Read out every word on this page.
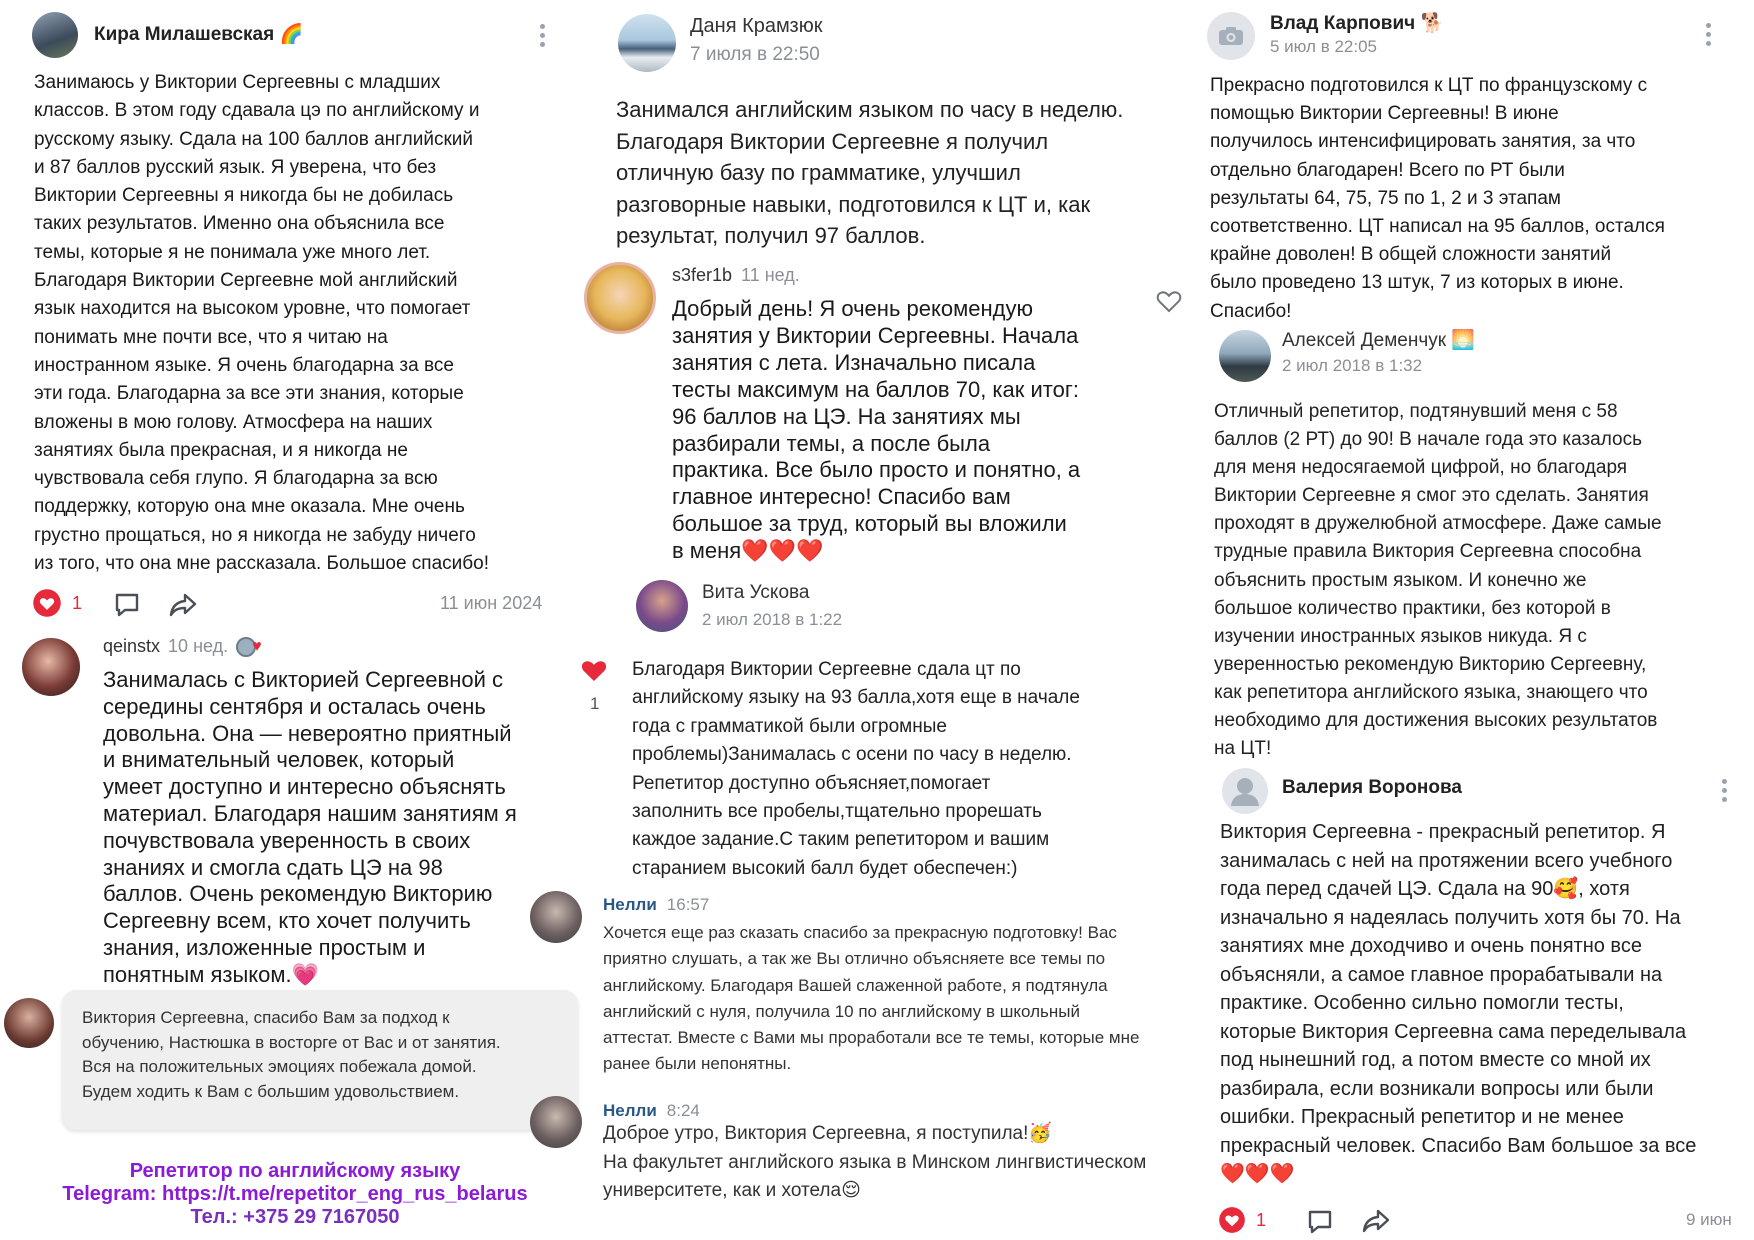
Кира Милашевская 🌈
Занимаюсь у Виктории Сергеевны с младших
классов. В этом году сдавала цэ по английскому и
русскому языку. Сдала на 100 баллов английский
и 87 баллов русский язык. Я уверена, что без
Виктории Сергеевны я никогда бы не добилась
таких результатов. Именно она объяснила все
темы, которые я не понимала уже много лет.
Благодаря Виктории Сергеевне мой английский
язык находится на высоком уровне, что помогает
понимать мне почти все, что я читаю на
иностранном языке. Я очень благодарна за все
эти года. Благодарна за все эти знания, которые
вложены в мою голову. Атмосфера на наших
занятиях была прекрасная, и я никогда не
чувствовала себя глупо. Я благодарна за всю
поддержку, которую она мне оказала. Мне очень
грустно прощаться, но я никогда не забуду ничего
из того, что она мне рассказала. Большое спасибо!
1	11 июн 2024
qeinstx 10 нед. ♥
Занималась с Викторией Сергеевной с
середины сентября и осталась очень
довольна. Она — невероятно приятный
и внимательный человек, который
умеет доступно и интересно объяснять
материал. Благодаря нашим занятиям я
почувствовала уверенность в своих
знаниях и смогла сдать ЦЭ на 98
баллов. Очень рекомендую Викторию
Сергеевну всем, кто хочет получить
знания, изложенные простым и
понятным языком.💗
Виктория Сергеевна, спасибо Вам за подход к
обучению, Настюшка в восторге от Вас и от занятия.
Вся на положительных эмоциях побежала домой.
Будем ходить к Вам с большим удовольствием.
Репетитор по английскому языку
Telegram: https://t.me/repetitor_eng_rus_belarus
Тел.: +375 29 7167050
Даня Крамзюк
7 июля в 22:50
Занимался английским языком по часу в неделю.
Благодаря Виктории Сергеевне я получил
отличную базу по грамматике, улучшил
разговорные навыки, подготовился к ЦТ и, как
результат, получил 97 баллов.
s3fer1b 11 нед.
Добрый день! Я очень рекомендую
занятия у Виктории Сергеевны. Начала
занятия с лета. Изначально писала
тесты максимум на баллов 70, как итог:
96 баллов на ЦЭ. На занятиях мы
разбирали темы, а после была
практика. Все было просто и понятно, а
главное интересно! Спасибо вам
большое за труд, который вы вложили
в меня❤️❤️❤️
Вита Ускова
2 июл 2018 в 1:22
1
Благодаря Виктории Сергеевне сдала цт по
английскому языку на 93 балла,хотя еще в начале
года с грамматикой были огромные
проблемы)Занималась с осени по часу в неделю.
Репетитор доступно объясняет,помогает
заполнить все пробелы,тщательно прорешать
каждое задание.С таким репетитором и вашим
старанием высокий балл будет обеспечен:)
Нелли 16:57
Хочется еще раз сказать спасибо за прекрасную подготовку! Вас
приятно слушать, а так же Вы отлично объясняете все темы по
английскому. Благодаря Вашей слаженной работе, я подтянула
английский с нуля, получила 10 по английскому в школьный
аттестат. Вместе с Вами мы проработали все те темы, которые мне
ранее были непонятны.
Нелли 8:24
Доброе утро, Виктория Сергеевна, я поступила!🥳
На факультет английского языка в Минском лингвистическом
университете, как и хотела😌
Влад Карпович 🐕
5 июл в 22:05
Прекрасно подготовился к ЦТ по французскому с
помощью Виктории Сергеевны! В июне
получилось интенсифицировать занятия, за что
отдельно благодарен! Всего по РТ были
результаты 64, 75, 75 по 1, 2 и 3 этапам
соответственно. ЦТ написал на 95 баллов, остался
крайне доволен! В общей сложности занятий
было проведено 13 штук, 7 из которых в июне.
Спасибо!
Алексей Деменчук 🌅
2 июл 2018 в 1:32
Отличный репетитор, подтянувший меня с 58
баллов (2 РТ) до 90! В начале года это казалось
для меня недосягаемой цифрой, но благодаря
Виктории Сергеевне я смог это сделать. Занятия
проходят в дружелюбной атмосфере. Даже самые
трудные правила Виктория Сергеевна способна
объяснить простым языком. И конечно же
большое количество практики, без которой в
изучении иностранных языков никуда. Я с
уверенностью рекомендую Викторию Сергеевну,
как репетитора английского языка, знающего что
необходимо для достижения высоких результатов
на ЦТ!
Валерия Воронова
Виктория Сергеевна - прекрасный репетитор. Я
занималась с ней на протяжении всего учебного
года перед сдачей ЦЭ. Сдала на 90🥰, хотя
изначально я надеялась получить хотя бы 70. На
занятиях мне доходчиво и очень понятно все
объясняли, а самое главное прорабатывали на
практике. Особенно сильно помогли тесты,
которые Виктория Сергеевна сама переделывала
под нынешний год, а потом вместе со мной их
разбирала, если возникали вопросы или были
ошибки. Прекрасный репетитор и не менее
прекрасный человек. Спасибо Вам большое за все
❤️❤️❤️
1	9 июн
